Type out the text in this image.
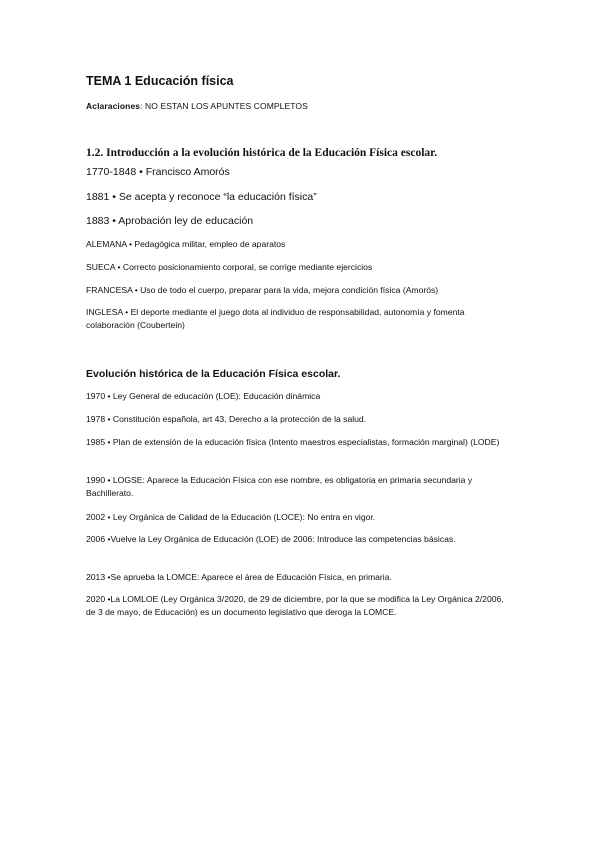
TEMA 1 Educación física

Aclaraciones: NO ESTAN LOS APUNTES COMPLETOS

1.2. Introducción a la evolución histórica de la Educación Física escolar.

1770-1848 • Francisco Amorós

1881 • Se acepta y reconoce “la educación física”

1883 • Aprobación ley de educación

ALEMANA • Pedagógica militar, empleo de aparatos

SUECA • Correcto posicionamiento corporal, se corrige mediante ejercicios

FRANCESA • Uso de todo el cuerpo, preparar para la vida, mejora condición física (Amorós)

INGLESA • El deporte mediante el juego dota al individuo de responsabilidad, autonomía y fomenta colaboración (Coubertein)

Evolución histórica de la Educación Física escolar.

1970 • Ley General de educación (LOE): Educación dinámica

1978 • Constitución española, art 43, Derecho a la protección de la salud.

1985 • Plan de extensión de la educación física (Intento maestros especialistas, formación marginal) (LODE)

1990 • LOGSE: Aparece la Educación Física con ese nombre, es obligatoria en primaria secundaria y Bachillerato.

2002 • Ley Orgánica de Calidad de la Educación (LOCE): No entra en vigor.

2006 •Vuelve la Ley Orgánica de Educación (LOE) de 2006: Introduce las competencias básicas.

2013 •Se aprueba la LOMCE: Aparece el área de Educación Física, en primaria.

2020 •La LOMLOE (Ley Orgánica 3/2020, de 29 de diciembre, por la que se modifica la Ley Orgánica 2/2006, de 3 de mayo, de Educación) es un documento legislativo que deroga la LOMCE.
